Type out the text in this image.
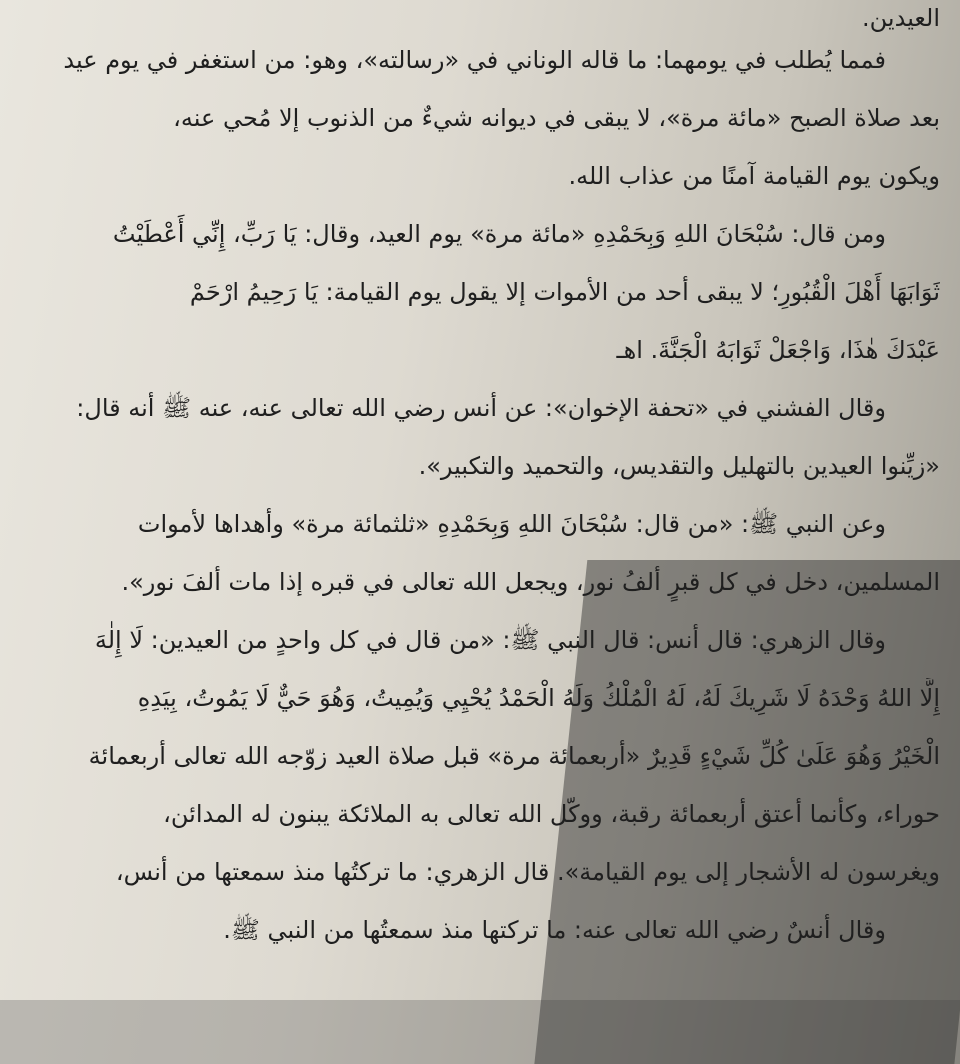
العيدين.
فمما يُطلب في يومهما: ما قاله الوناني في «رسالته»، وهو: من استغفر في يوم عيد
بعد صلاة الصبح «مائة مرة»، لا يبقى في ديوانه شيءٌ من الذنوب إلا مُحي عنه،
ويكون يوم القيامة آمنًا من عذاب الله.
ومن قال: سُبْحَانَ اللهِ وَبِحَمْدِهِ «مائة مرة» يوم العيد، وقال: يَا رَبِّ، إِنِّي أَعْطَيْتُ
ثَوَابَهَا أَهْلَ الْقُبُورِ؛ لا يبقى أحد من الأموات إلا يقول يوم القيامة: يَا رَحِيمُ ارْحَمْ
عَبْدَكَ هٰذَا، وَاجْعَلْ ثَوَابَهُ الْجَنَّةَ. اهـ
وقال الفشني في «تحفة الإخوان»: عن أنس رضي الله تعالى عنه، عنه ﷺ أنه قال:
«زيِّنوا العيدين بالتهليل والتقديس، والتحميد والتكبير».
وعن النبي ﷺ: «من قال: سُبْحَانَ اللهِ وَبِحَمْدِهِ «ثلثمائة مرة» وأهداها لأموات
المسلمين، دخل في كل قبرٍ ألفُ نور، ويجعل الله تعالى في قبره إذا مات ألفَ نور».
وقال الزهري: قال أنس: قال النبي ﷺ: «من قال في كل واحدٍ من العيدين: لَا إِلٰهَ
إِلَّا اللهُ وَحْدَهُ لَا شَرِيكَ لَهُ، لَهُ الْمُلْكُ وَلَهُ الْحَمْدُ يُحْيِي وَيُمِيتُ، وَهُوَ حَيٌّ لَا يَمُوتُ، بِيَدِهِ
الْخَيْرُ وَهُوَ عَلَىٰ كُلِّ شَيْءٍ قَدِيرٌ «أربعمائة مرة» قبل صلاة العيد زوّجه الله تعالى أربعمائة
حوراء، وكأنما أعتق أربعمائة رقبة، ووكّل الله تعالى به الملائكة يبنون له المدائن،
ويغرسون له الأشجار إلى يوم القيامة». قال الزهري: ما تركتُها منذ سمعتها من أنس،
وقال أنسٌ رضي الله تعالى عنه: ما تركتها منذ سمعتُها من النبي ﷺ.
